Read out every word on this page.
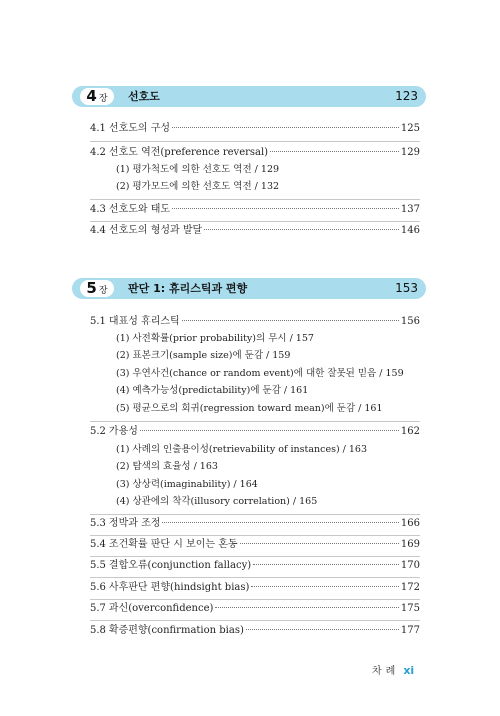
4 장	선호도	123
4.1 선호도의 구성	125
4.2 선호도 역전(preference reversal)	129
(1) 평가척도에 의한 선호도 역전 / 129
(2) 평가모드에 의한 선호도 역전 / 132
4.3 선호도와 태도	137
4.4 선호도의 형성과 발달	146
5 장	판단 1: 휴리스틱과 편향	153
5.1 대표성 휴리스틱	156
(1) 사전확률(prior probability)의 무시 / 157
(2) 표본크기(sample size)에 둔감 / 159
(3) 우연사건(chance or random event)에 대한 잘못된 믿음 / 159
(4) 예측가능성(predictability)에 둔감 / 161
(5) 평균으로의 회귀(regression toward mean)에 둔감 / 161
5.2 가용성	162
(1) 사례의 인출용이성(retrievability of instances) / 163
(2) 탐색의 효율성 / 163
(3) 상상력(imaginability) / 164
(4) 상관에의 착각(illusory correlation) / 165
5.3 정박과 조정	166
5.4 조건확률 판단 시 보이는 혼동	169
5.5 결합오류(conjunction fallacy)	170
5.6 사후판단 편향(hindsight bias)	172
5.7 과신(overconfidence)	175
5.8 확증편향(confirmation bias)	177
차례 xi
